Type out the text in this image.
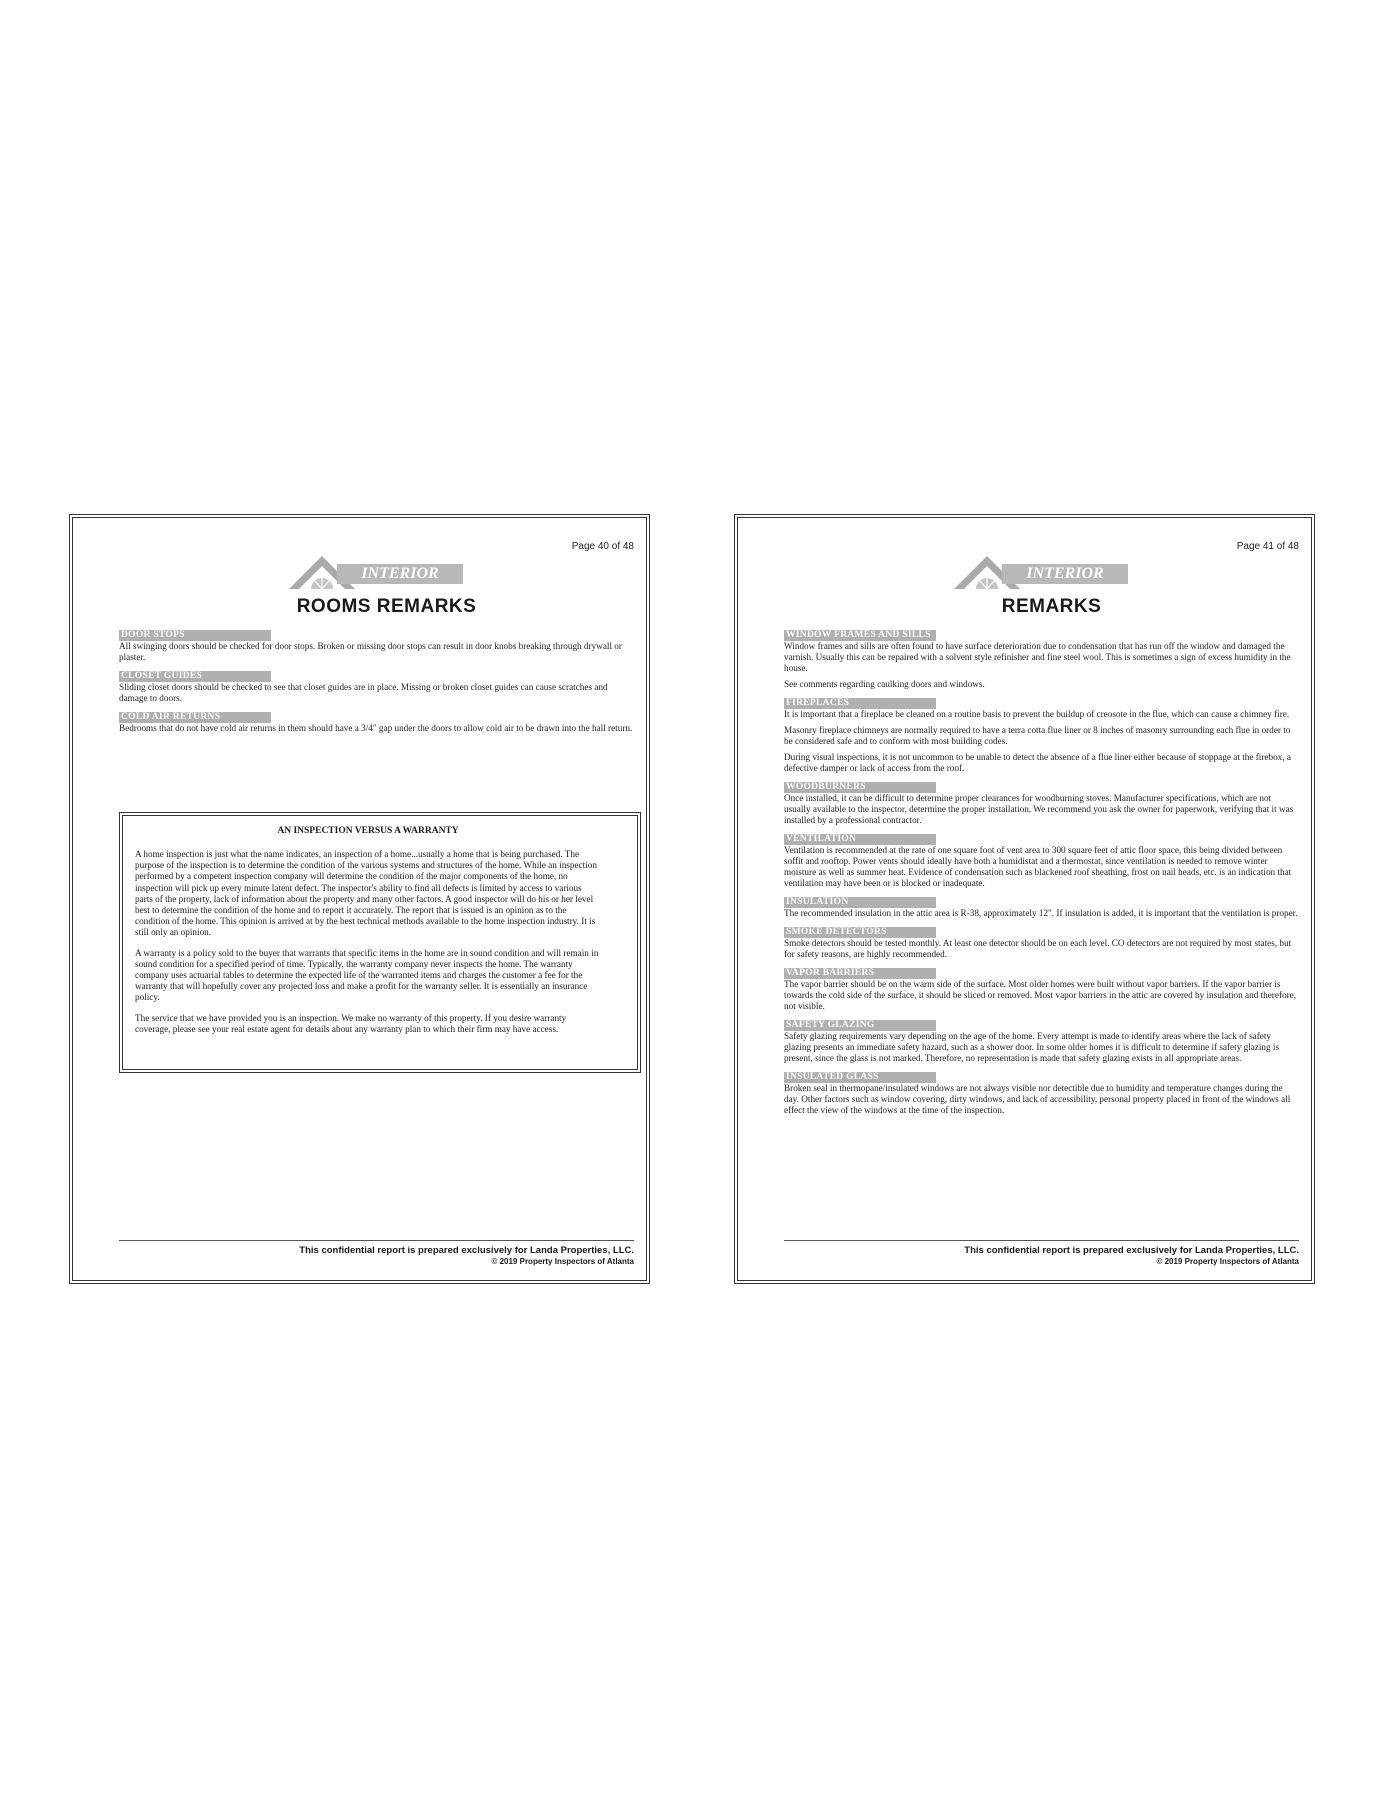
Page 40 of 48
INTERIOR
ROOMS REMARKS
DOOR STOPS

All swinging doors should be checked for door stops. Broken or missing door stops can result in door knobs breaking through drywall or plaster.

CLOSET GUIDES

Sliding closet doors should be checked to see that closet guides are in place. Missing or broken closet guides can cause scratches and damage to doors.

COLD AIR RETURNS

Bedrooms that do not have cold air returns in them should have a 3/4" gap under the doors to allow cold air to be drawn into the hall return.

AN INSPECTION VERSUS A WARRANTY

A home inspection is just what the name indicates, an inspection of a home...usually a home that is being purchased. The purpose of the inspection is to determine the condition of the various systems and structures of the home. While an inspection performed by a competent inspection company will determine the condition of the major components of the home, no inspection will pick up every minute latent defect. The inspector's ability to find all defects is limited by access to various parts of the property, lack of information about the property and many other factors. A good inspector will do his or her level best to determine the condition of the home and to report it accurately. The report that is issued is an opinion as to the condition of the home. This opinion is arrived at by the best technical methods available to the home inspection industry. It is still only an opinion.

A warranty is a policy sold to the buyer that warrants that specific items in the home are in sound condition and will remain in sound condition for a specified period of time. Typically, the warranty company never inspects the home. The warranty company uses actuarial tables to determine the expected life of the warranted items and charges the customer a fee for the warranty that will hopefully cover any projected loss and make a profit for the warranty seller. It is essentially an insurance policy.

The service that we have provided you is an inspection. We make no warranty of this property. If you desire warranty coverage, please see your real estate agent for details about any warranty plan to which their firm may have access.

This confidential report is prepared exclusively for Landa Properties, LLC.
© 2019 Property Inspectors of Atlanta
Page 41 of 48
INTERIOR
REMARKS
WINDOW FRAMES AND SILLS

Window frames and sills are often found to have surface deterioration due to condensation that has run off the window and damaged the varnish. Usually this can be repaired with a solvent style refinisher and fine steel wool. This is sometimes a sign of excess humidity in the house.

See comments regarding caulking doors and windows.

FIREPLACES

It is important that a fireplace be cleaned on a routine basis to prevent the buildup of creosote in the flue, which can cause a chimney fire.

Masonry fireplace chimneys are normally required to have a terra cotta flue liner or 8 inches of masonry surrounding each flue in order to be considered safe and to conform with most building codes.

During visual inspections, it is not uncommon to be unable to detect the absence of a flue liner either because of stoppage at the firebox, a defective damper or lack of access from the roof.

WOODBURNERS

Once installed, it can be difficult to determine proper clearances for woodburning stoves. Manufacturer specifications, which are not usually available to the inspector, determine the proper installation. We recommend you ask the owner for paperwork, verifying that it was installed by a professional contractor.

VENTILATION

Ventilation is recommended at the rate of one square foot of vent area to 300 square feet of attic floor space, this being divided between soffit and rooftop. Power vents should ideally have both a humidistat and a thermostat, since ventilation is needed to remove winter moisture as well as summer heat. Evidence of condensation such as blackened roof sheathing, frost on nail heads, etc. is an indication that ventilation may have been or is blocked or inadequate.

INSULATION

The recommended insulation in the attic area is R-38, approximately 12". If insulation is added, it is important that the ventilation is proper.

SMOKE DETECTORS

Smoke detectors should be tested monthly. At least one detector should be on each level. CO detectors are not required by most states, but for safety reasons, are highly recommended.

VAPOR BARRIERS

The vapor barrier should be on the warm side of the surface. Most older homes were built without vapor barriers. If the vapor barrier is towards the cold side of the surface, it should be sliced or removed. Most vapor barriers in the attic are covered by insulation and therefore, not visible.

SAFETY GLAZING

Safety glazing requirements vary depending on the age of the home. Every attempt is made to identify areas where the lack of safety glazing presents an immediate safety hazard, such as a shower door. In some older homes it is difficult to determine if safety glazing is present, since the glass is not marked. Therefore, no representation is made that safety glazing exists in all appropriate areas.

INSULATED GLASS

Broken seal in thermopane/insulated windows are not always visible nor detectible due to humidity and temperature changes during the day. Other factors such as window covering, dirty windows, and lack of accessibility, personal property placed in front of the windows all effect the view of the windows at the time of the inspection.

This confidential report is prepared exclusively for Landa Properties, LLC.
© 2019 Property Inspectors of Atlanta
